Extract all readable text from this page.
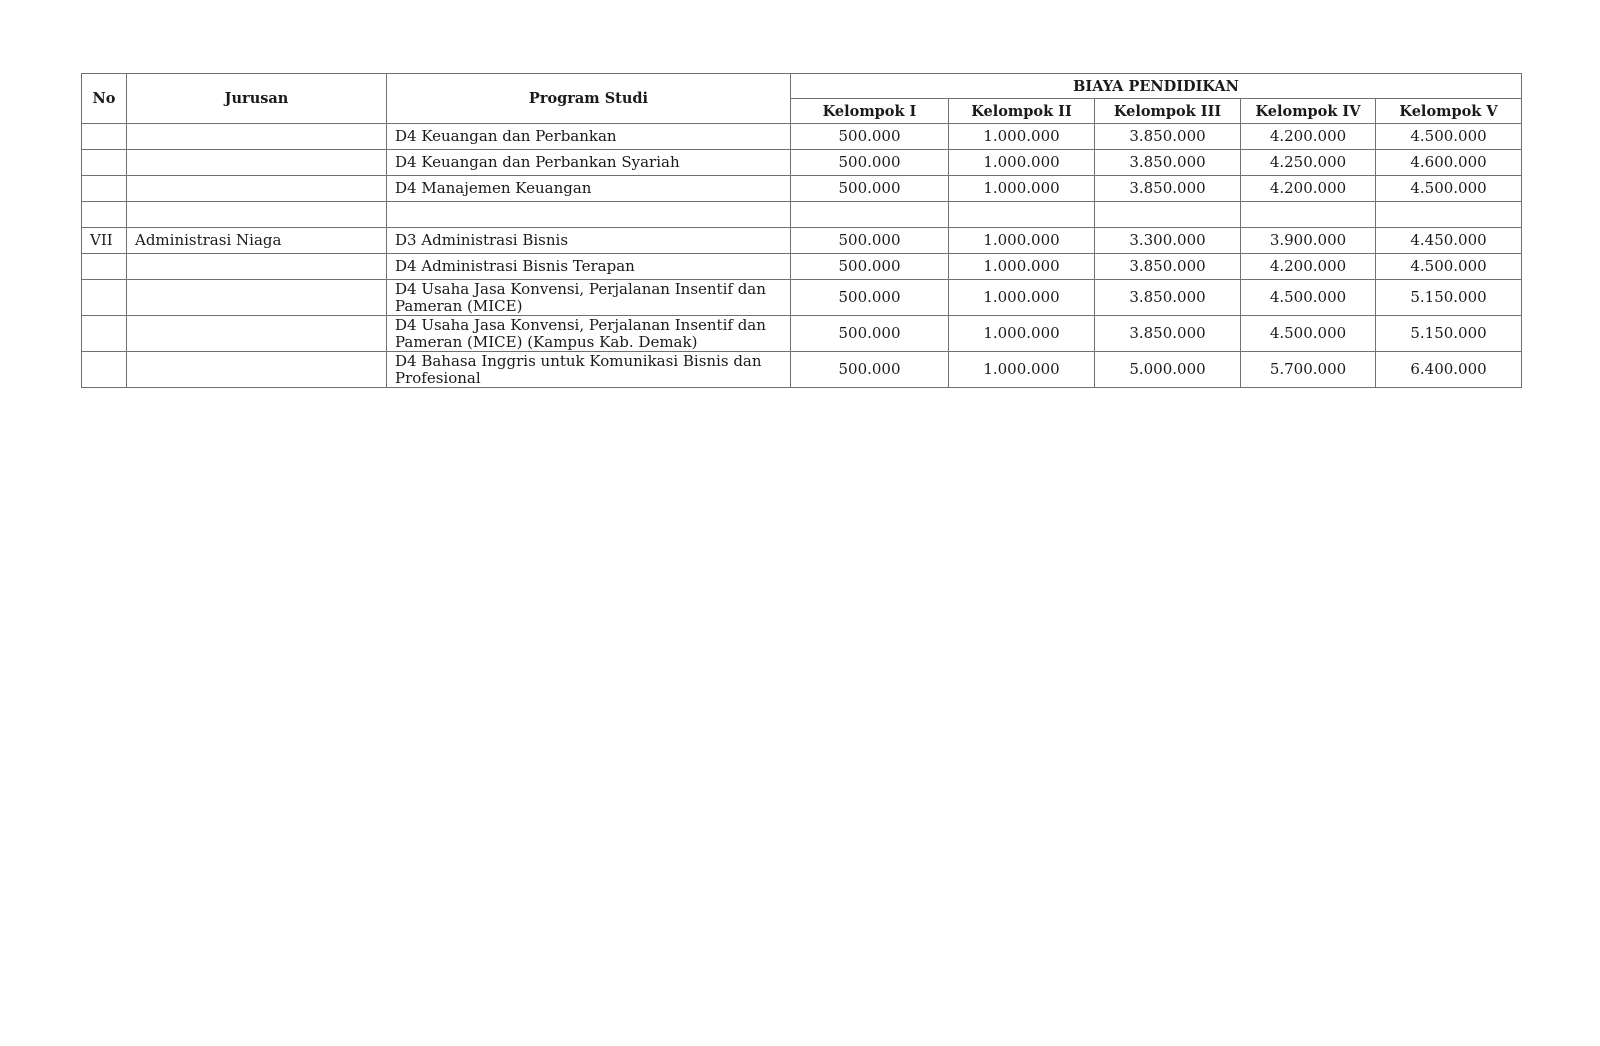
No	Jurusan	Program Studi	BIAYA PENDIDIKAN				
			Kelompok I	Kelompok II	Kelompok III	Kelompok IV	Kelompok V
		D4 Keuangan dan Perbankan	500.000	1.000.000	3.850.000	4.200.000	4.500.000
		D4 Keuangan dan Perbankan Syariah	500.000	1.000.000	3.850.000	4.250.000	4.600.000
		D4 Manajemen Keuangan	500.000	1.000.000	3.850.000	4.200.000	4.500.000

VII	Administrasi Niaga	D3 Administrasi Bisnis	500.000	1.000.000	3.300.000	3.900.000	4.450.000
		D4 Administrasi Bisnis Terapan	500.000	1.000.000	3.850.000	4.200.000	4.500.000
		D4 Usaha Jasa Konvensi, Perjalanan Insentif dan Pameran (MICE)	500.000	1.000.000	3.850.000	4.500.000	5.150.000
		D4 Usaha Jasa Konvensi, Perjalanan Insentif dan Pameran (MICE) (Kampus Kab. Demak)	500.000	1.000.000	3.850.000	4.500.000	5.150.000
		D4 Bahasa Inggris untuk Komunikasi Bisnis dan Profesional	500.000	1.000.000	5.000.000	5.700.000	6.400.000
